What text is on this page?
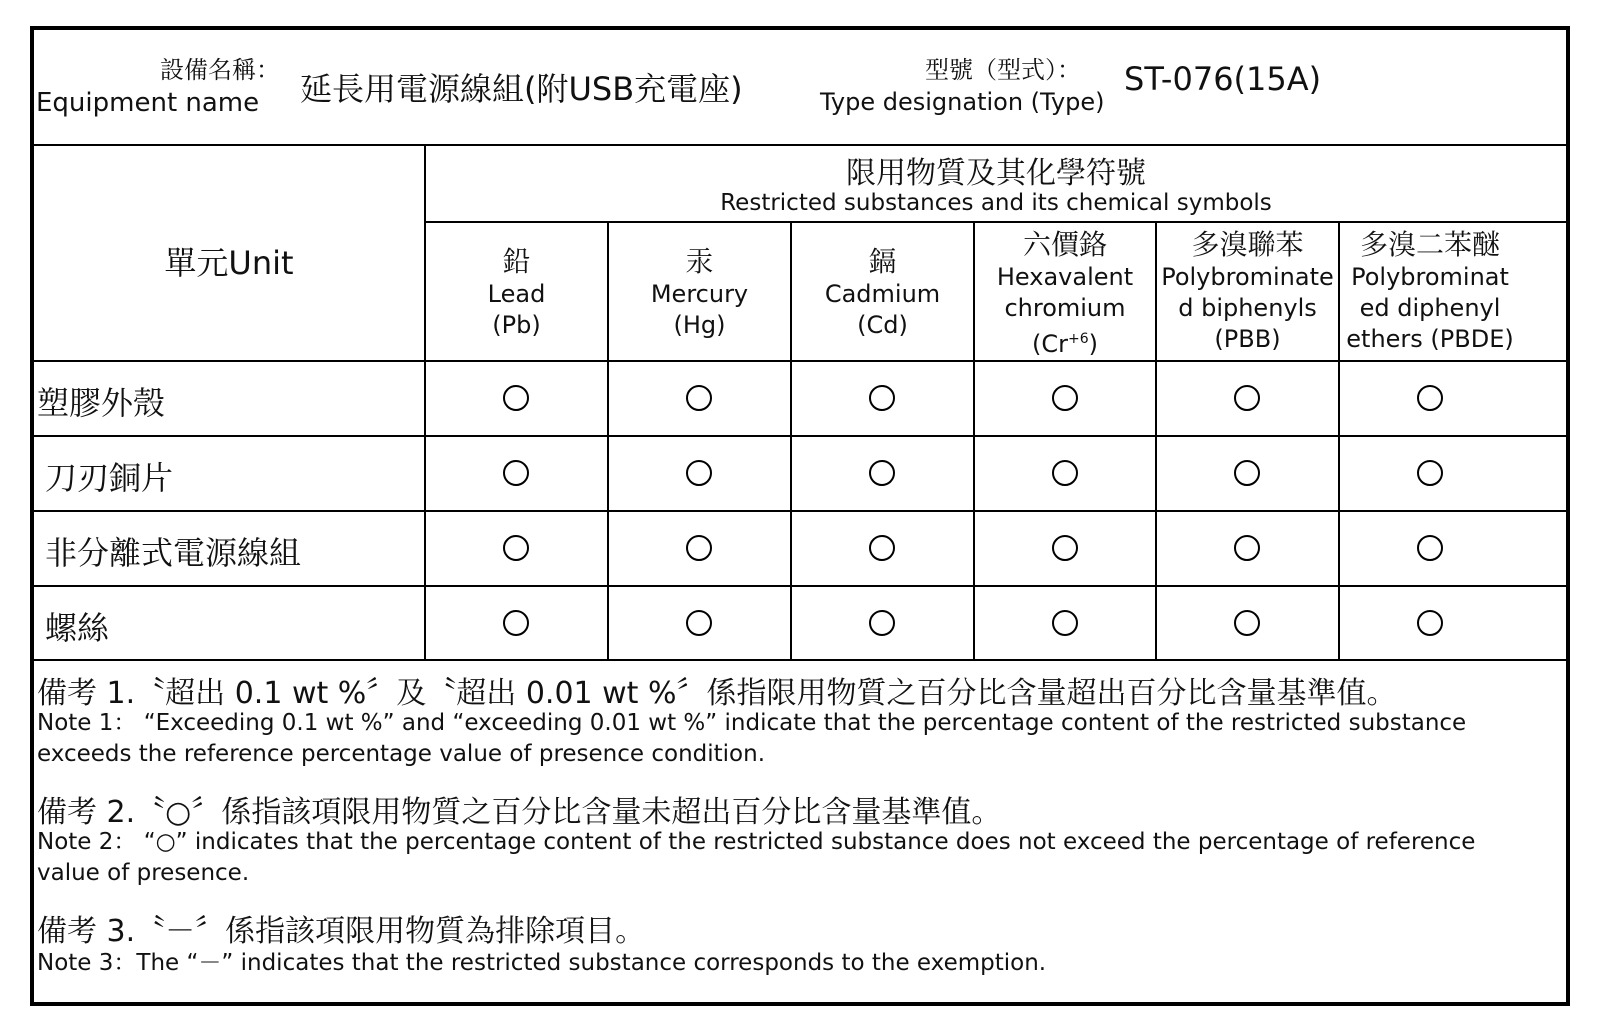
設備名稱：
Equipment name 延長用電源線組(附USB充電座)	型號（型式）：
Type designation (Type)
ST-076(15A)
單元Unit
限用物質及其化學符號
Restricted substances and its chemical symbols
鉛
Lead
(Pb)
汞
Mercury
(Hg)
鎘
Cadmium
(Cd)
六價鉻
Hexavalent
chromium
$(Cr^{+6})$
多溴聯苯
Polybrominate
d biphenyls
(PBB)
多溴二苯醚
Polybrominat
ed diphenyl
ethers (PBDE)
塑膠外殼
刀刃銅片
非分離式電源線組
螺絲
備考 1.〝超出 0.1 wt %〞及〝超出 0.01 wt %〞係指限用物質之百分比含量超出百分比含量基準值。
Note 1： “Exceeding 0.1 wt %” and “exceeding 0.01 wt %” indicate that the percentage content of the restricted substance exceeds the reference percentage value of presence condition.
備考 2.〝○〞係指該項限用物質之百分比含量未超出百分比含量基準值。
Note 2： “○” indicates that the percentage content of the restricted substance does not exceed the percentage of reference value of presence.
備考 3.〝－〞係指該項限用物質為排除項目。
Note 3：The “－” indicates that the restricted substance corresponds to the exemption.
